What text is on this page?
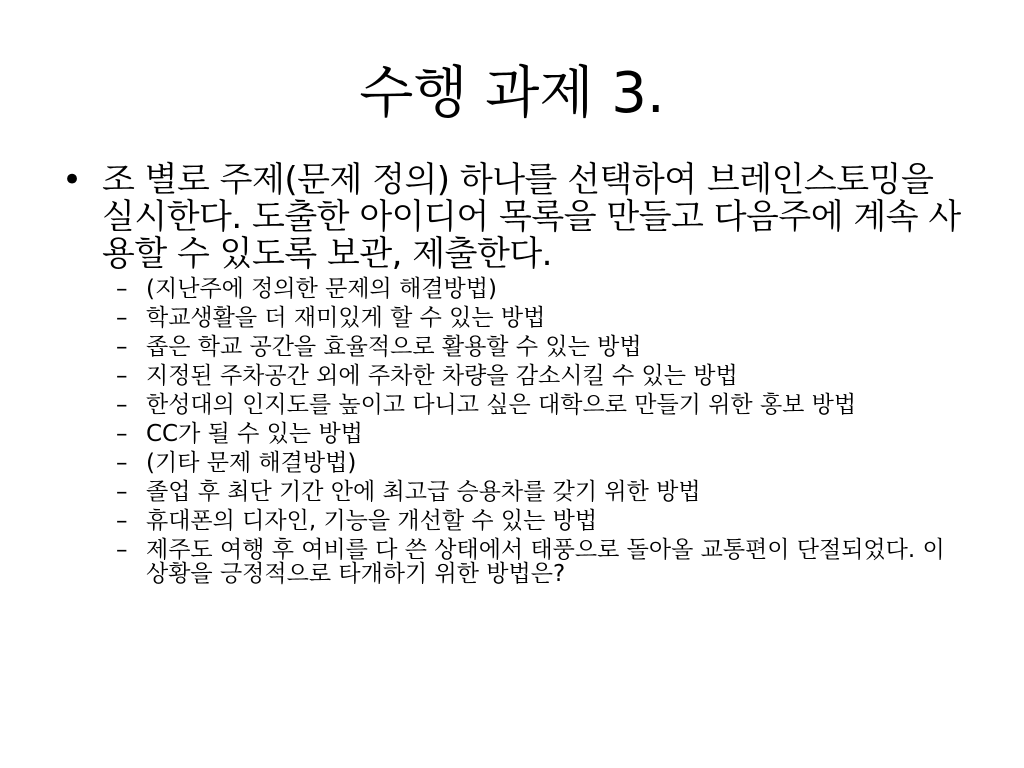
수행 과제 3.
• 조 별로 주제(문제 정의) 하나를 선택하여 브레인스토밍을 실시한다. 도출한 아이디어 목록을 만들고 다음주에 계속 사용할 수 있도록 보관, 제출한다.
– (지난주에 정의한 문제의 해결방법)
– 학교생활을 더 재미있게 할 수 있는 방법
– 좁은 학교 공간을 효율적으로 활용할 수 있는 방법
– 지정된 주차공간 외에 주차한 차량을 감소시킬 수 있는 방법
– 한성대의 인지도를 높이고 다니고 싶은 대학으로 만들기 위한 홍보 방법
– CC가 될 수 있는 방법
– (기타 문제 해결방법)
– 졸업 후 최단 기간 안에 최고급 승용차를 갖기 위한 방법
– 휴대폰의 디자인, 기능을 개선할 수 있는 방법
– 제주도 여행 후 여비를 다 쓴 상태에서 태풍으로 돌아올 교통편이 단절되었다. 이 상황을 긍정적으로 타개하기 위한 방법은?
